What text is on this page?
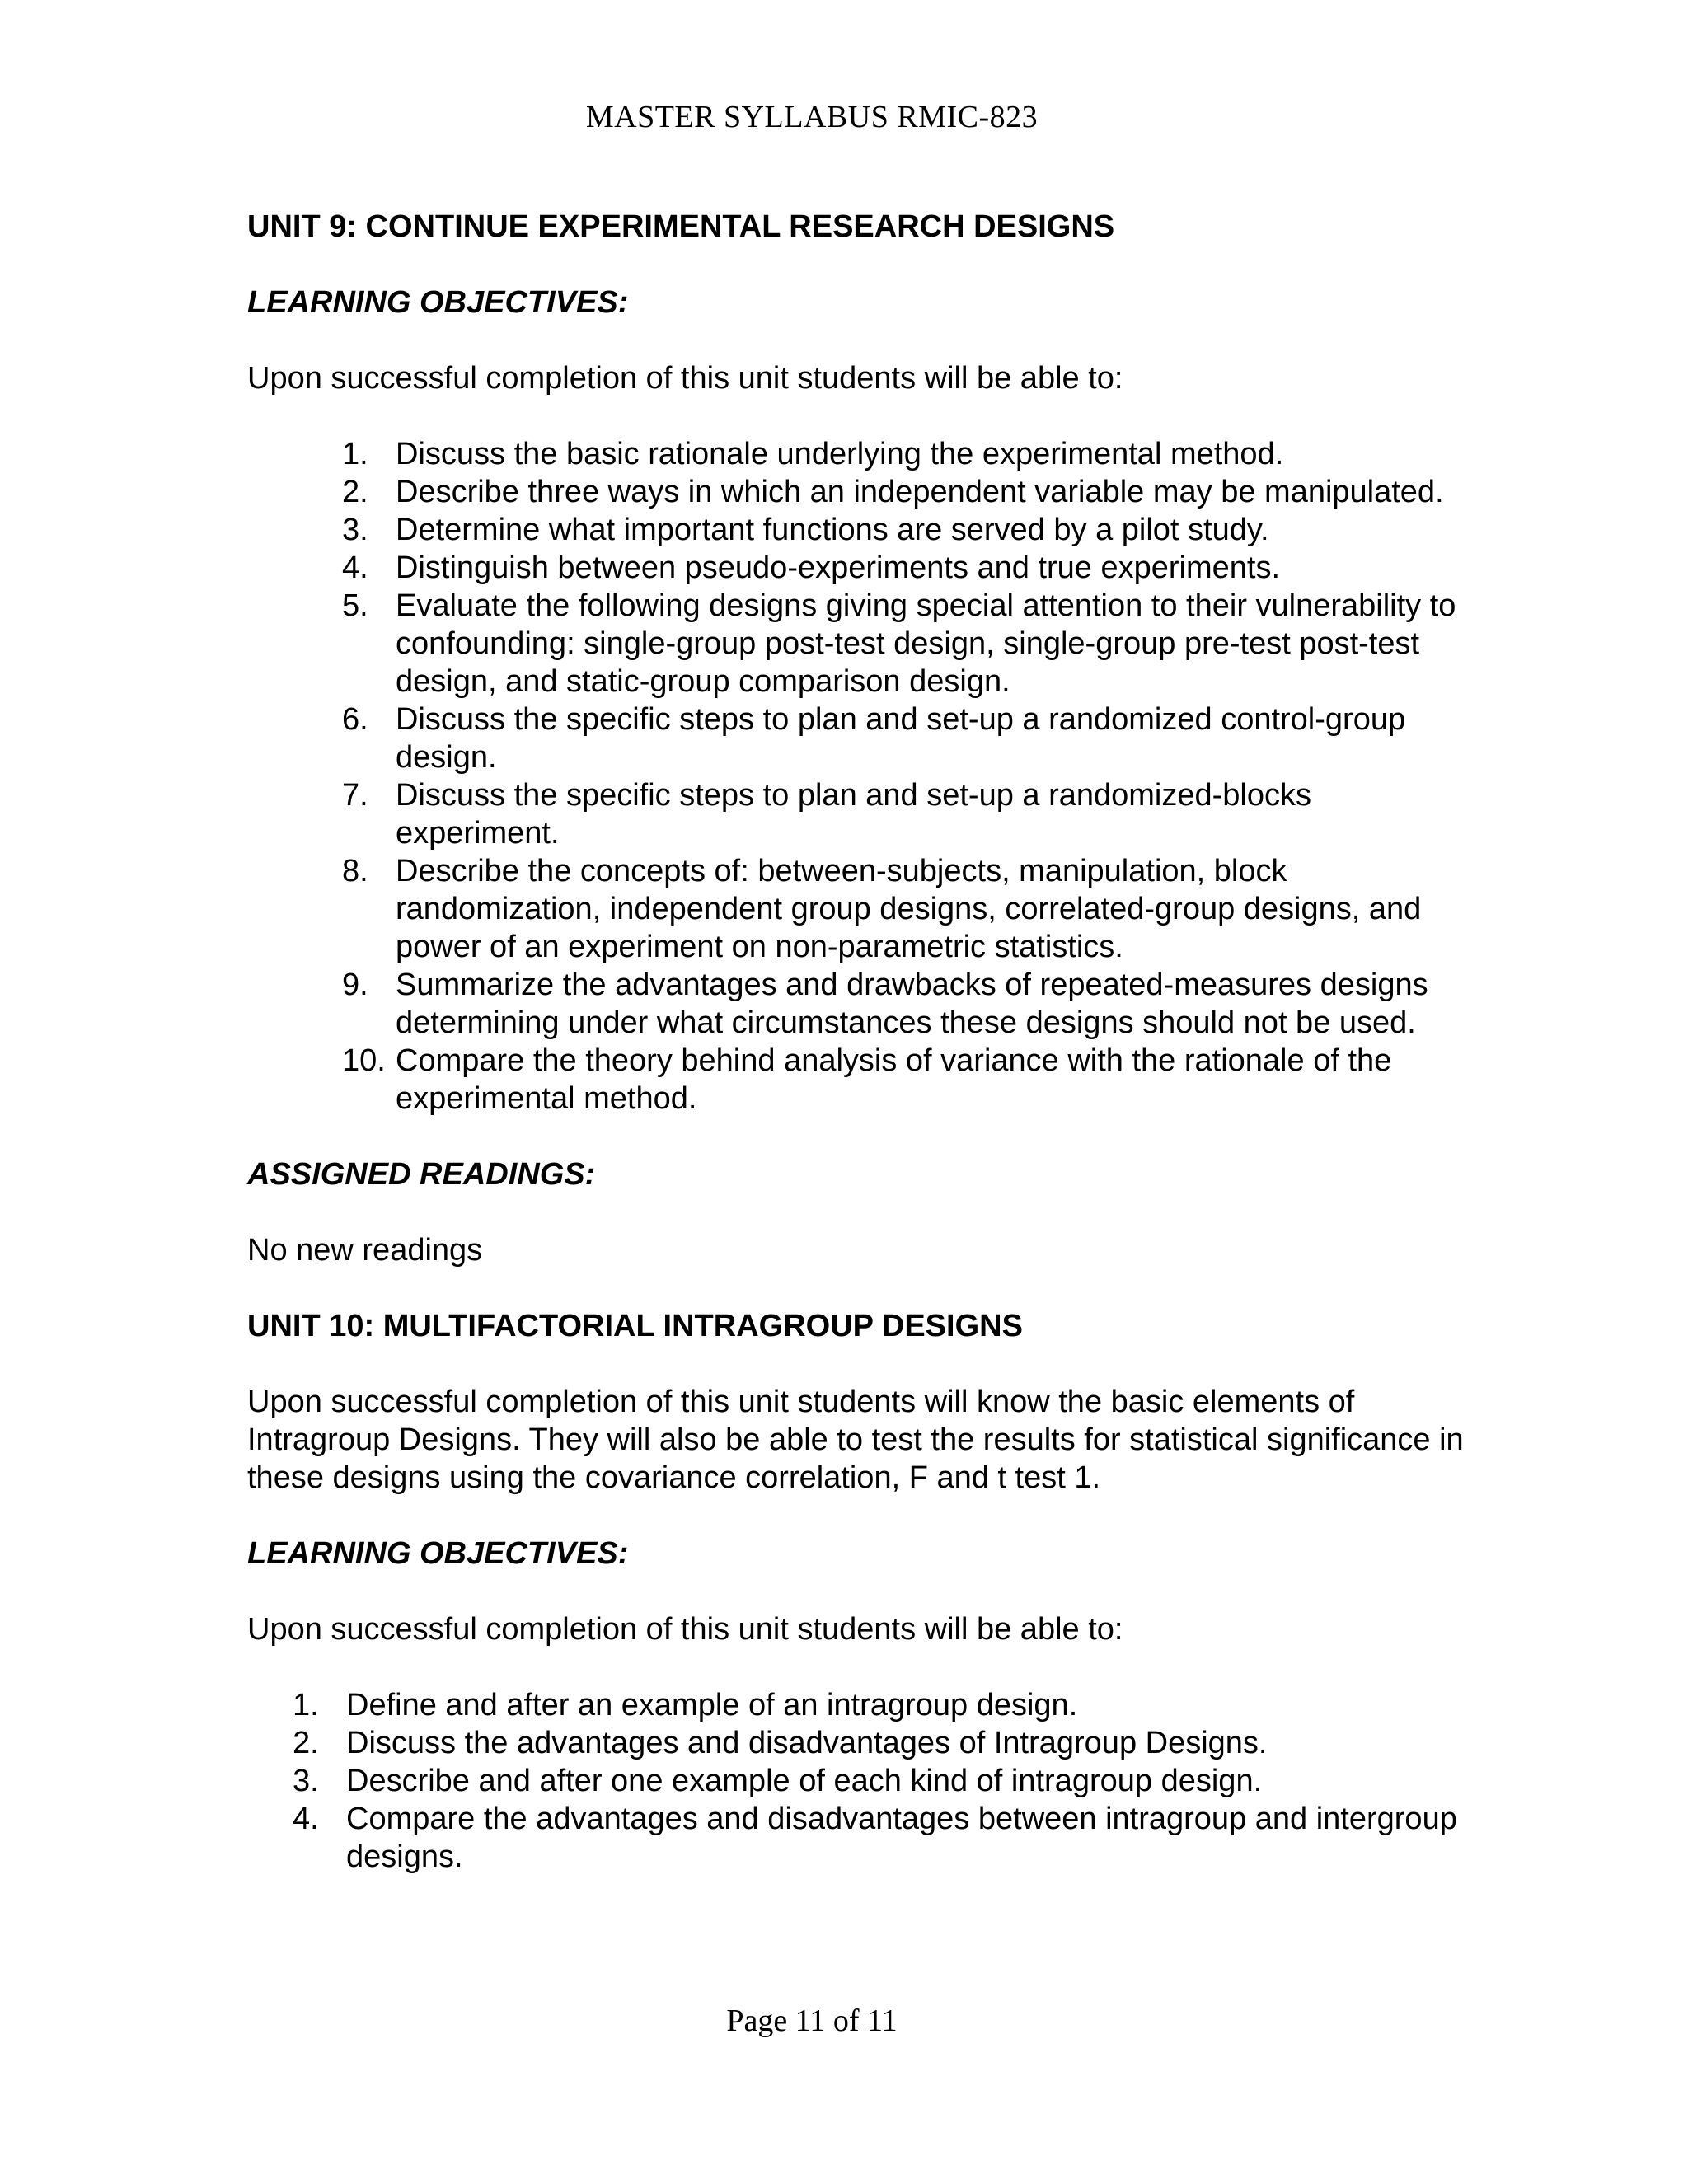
MASTER SYLLABUS RMIC-823

UNIT 9: CONTINUE EXPERIMENTAL RESEARCH DESIGNS

LEARNING OBJECTIVES:

Upon successful completion of this unit students will be able to:

1. Discuss the basic rationale underlying the experimental method.
2. Describe three ways in which an independent variable may be manipulated.
3. Determine what important functions are served by a pilot study.
4. Distinguish between pseudo-experiments and true experiments.
5. Evaluate the following designs giving special attention to their vulnerability to confounding: single-group post-test design, single-group pre-test post-test design, and static-group comparison design.
6. Discuss the specific steps to plan and set-up a randomized control-group design.
7. Discuss the specific steps to plan and set-up a randomized-blocks experiment.
8. Describe the concepts of: between-subjects, manipulation, block randomization, independent group designs, correlated-group designs, and power of an experiment on non-parametric statistics.
9. Summarize the advantages and drawbacks of repeated-measures designs determining under what circumstances these designs should not be used.
10. Compare the theory behind analysis of variance with the rationale of the experimental method.

ASSIGNED READINGS:

No new readings

UNIT 10: MULTIFACTORIAL INTRAGROUP DESIGNS

Upon successful completion of this unit students will know the basic elements of Intragroup Designs. They will also be able to test the results for statistical significance in these designs using the covariance correlation, F and t test 1.

LEARNING OBJECTIVES:

Upon successful completion of this unit students will be able to:

1. Define and after an example of an intragroup design.
2. Discuss the advantages and disadvantages of Intragroup Designs.
3. Describe and after one example of each kind of intragroup design.
4. Compare the advantages and disadvantages between intragroup and intergroup designs.
Page 11 of 11
